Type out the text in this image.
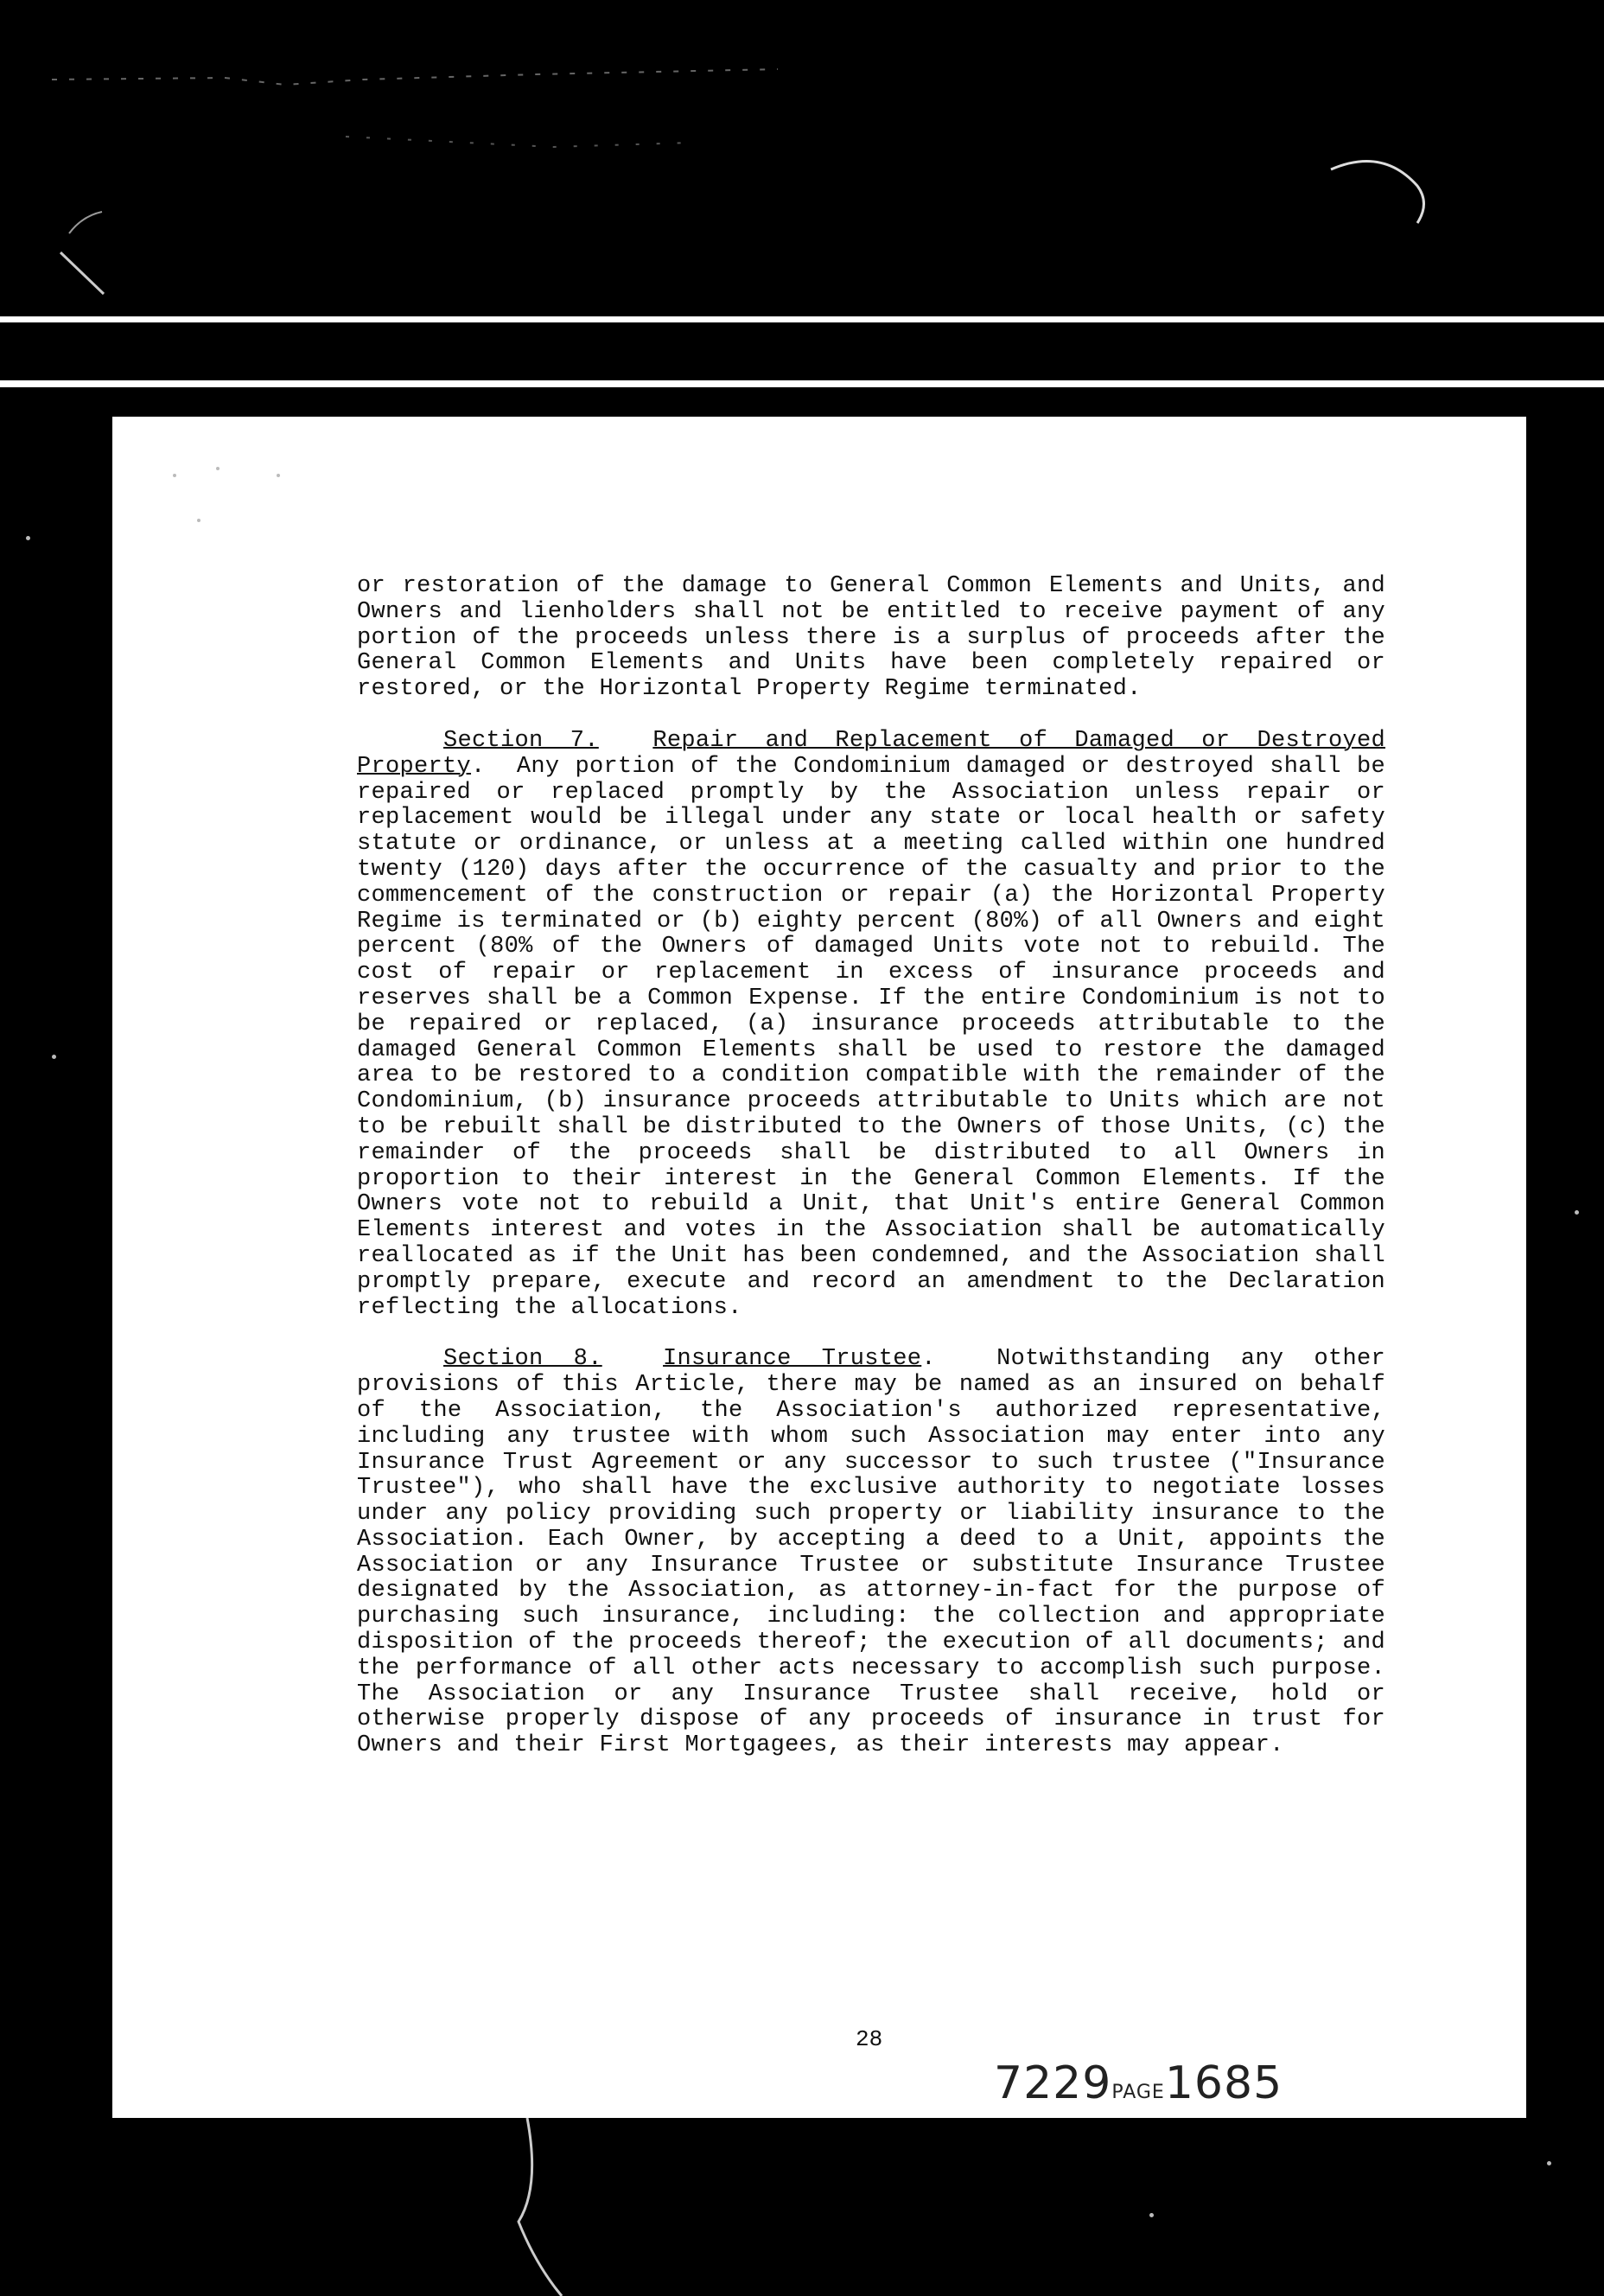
or restoration of the damage to General Common Elements and Units, and Owners and lienholders shall not be entitled to receive payment of any portion of the proceeds unless there is a surplus of proceeds after the General Common Elements and Units have been completely repaired or restored, or the Horizontal Property Regime terminated.

Section 7. Repair and Replacement of Damaged or Destroyed Property.  Any portion of the Condominium damaged or destroyed shall be repaired or replaced promptly by the Association unless repair or replacement would be illegal under any state or local health or safety statute or ordinance, or unless at a meeting called within one hundred twenty (120) days after the occurrence of the casualty and prior to the commencement of the construction or repair (a) the Horizontal Property Regime is terminated or (b) eighty percent (80%) of all Owners and eight percent (80% of the Owners of damaged Units vote not to rebuild. The cost of repair or replacement in excess of insurance proceeds and reserves shall be a Common Expense. If the entire Condominium is not to be repaired or replaced, (a) insurance proceeds attributable to the damaged General Common Elements shall be used to restore the damaged area to be restored to a condition compatible with the remainder of the Condominium, (b) insurance proceeds attributable to Units which are not to be rebuilt shall be distributed to the Owners of those Units, (c) the remainder of the proceeds shall be distributed to all Owners in proportion to their interest in the General Common Elements. If the Owners vote not to rebuild a Unit, that Unit's entire General Common Elements interest and votes in the Association shall be automatically reallocated as if the Unit has been condemned, and the Association shall promptly prepare, execute and record an amendment to the Declaration reflecting the allocations.

Section 8.	Insurance Trustee.  Notwithstanding any other provisions of this Article, there may be named as an insured on behalf of the Association, the Association's authorized representative, including any trustee with whom such Association may enter into any Insurance Trust Agreement or any successor to such trustee ("Insurance Trustee"), who shall have the exclusive authority to negotiate losses under any policy providing such property or liability insurance to the Association. Each Owner, by accepting a deed to a Unit, appoints the Association or any Insurance Trustee or substitute Insurance Trustee designated by the Association, as attorney-in-fact for the purpose of purchasing such insurance, including: the collection and appropriate disposition of the proceeds thereof; the execution of all documents; and the performance of all other acts necessary to accomplish such purpose. The Association or any Insurance Trustee shall receive, hold or otherwise properly dispose of any proceeds of insurance in trust for Owners and their First Mortgagees, as their interests may appear.

28
7229PAGE1685
